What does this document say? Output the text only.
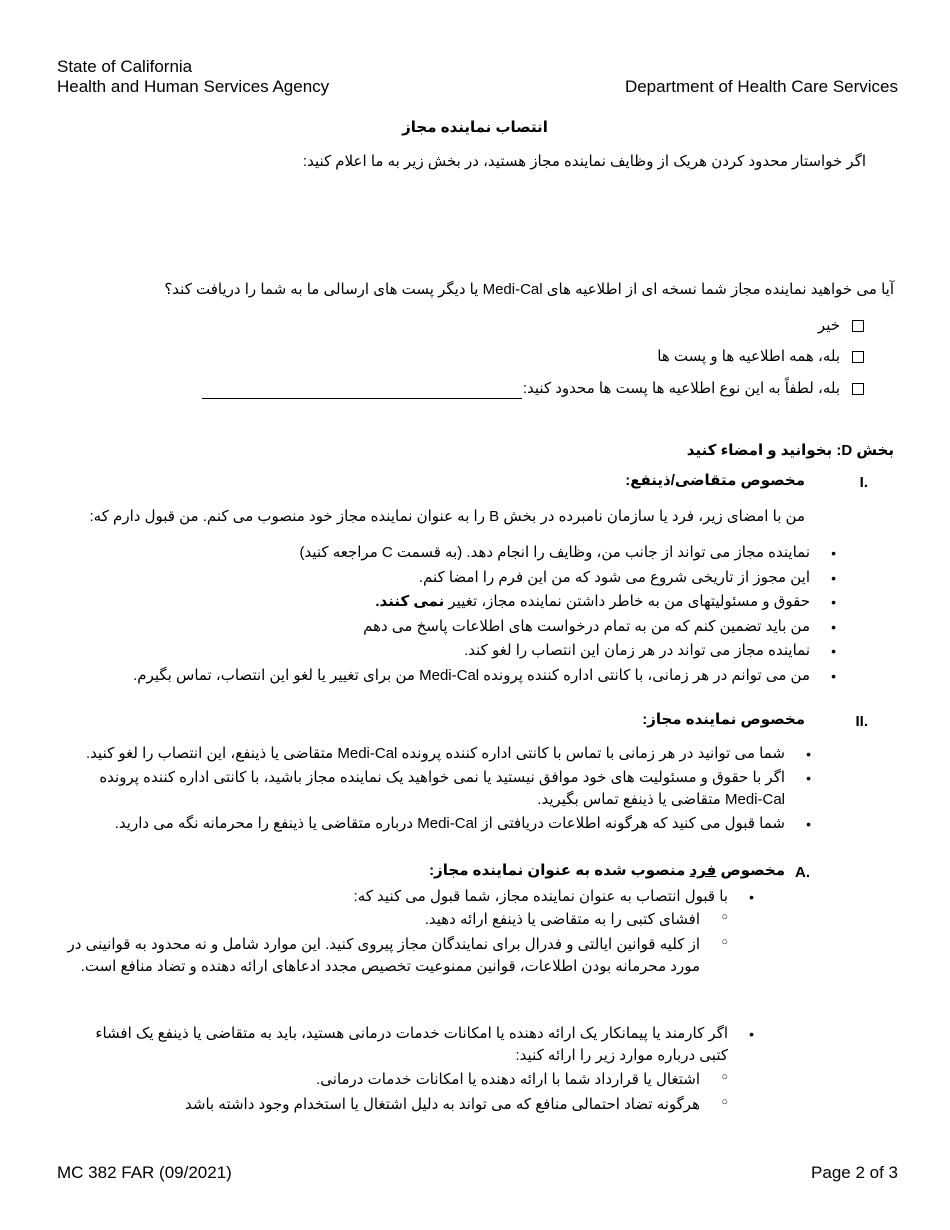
State of California
Health and Human Services Agency	Department of Health Care Services
انتصاب نماینده مجاز
اگر خواستار محدود کردن هریک از وظایف نماینده مجاز هستید، در بخش زیر به ما اعلام کنید:
آیا می خواهید نماینده مجاز شما نسخه ای از اطلاعیه های Medi-Cal یا دیگر پست های ارسالی ما به شما را دریافت کند؟
خیر
بله، همه اطلاعیه ها و پست ها
بله، لطفاً به این نوع اطلاعیه ها پست ها محدود کنید:
بخش D: بخوانید و امضاء کنید
I.
مخصوص متقاضی/ذینفع:
من با امضای زیر، فرد یا سازمان نامبرده در بخش B را به عنوان نماینده مجاز خود منصوب می کنم. من قبول دارم که:
نماینده مجاز می تواند از جانب من، وظایف را انجام دهد. (به قسمت C مراجعه کنید) •
این مجوز از تاریخی شروع می شود که من این فرم را امضا کنم. •
حقوق و مسئولیتهای من به خاطر داشتن نماینده مجاز، تغییر نمی کنند.	•
من باید تضمین کنم که من به تمام درخواست های اطلاعات پاسخ می دهم •
نماینده مجاز می تواند در هر زمان این انتصاب را لغو کند. •
من می توانم در هر زمانی، با کانتی اداره کننده پرونده Medi-Cal من برای تغییر یا لغو این انتصاب، تماس بگیرم. •
II.
مخصوص نماینده مجاز:
شما می توانید در هر زمانی با تماس با کانتی اداره کننده پرونده Medi-Cal متقاضی یا ذینفع، این انتصاب را لغو کنید. •
اگر با حقوق و مسئولیت های خود موافق نیستید یا نمی خواهید یک نماینده مجاز باشید، با کانتی اداره کننده پرونده •

Medi-Cal متقاضی یا ذینفع تماس بگیرید.
شما قبول می کنید که هرگونه اطلاعات دریافتی از Medi-Cal درباره متقاضی یا ذینفع را محرمانه نگه می دارید. •
A.
مخصوص فرد منصوب شده به عنوان نماینده مجاز:
با قبول انتصاب به عنوان نماینده مجاز، شما قبول می کنید که: •
افشای کتبی را به متقاضی یا ذینفع ارائه دهید. ○
از کلیه قوانین ایالتی و فدرال برای نمایندگان مجاز پیروی کنید. این موارد شامل و نه محدود به قوانینی در ○

مورد محرمانه بودن اطلاعات، قوانین ممنوعیت تخصیص مجدد ادعاهای ارائه دهنده و تضاد منافع است.
اگر کارمند یا پیمانکار یک ارائه دهنده یا امکانات خدمات درمانی هستید، باید به متقاضی یا ذینفع یک افشاء •

کتبی درباره موارد زیر را ارائه کنید:
اشتغال یا قرارداد شما با ارائه دهنده یا امکانات خدمات درمانی. ○
هرگونه تضاد احتمالی منافع که می تواند به دلیل اشتغال یا استخدام وجود داشته باشد ○
MC 382 FAR (09/2021)	Page 2 of 3
